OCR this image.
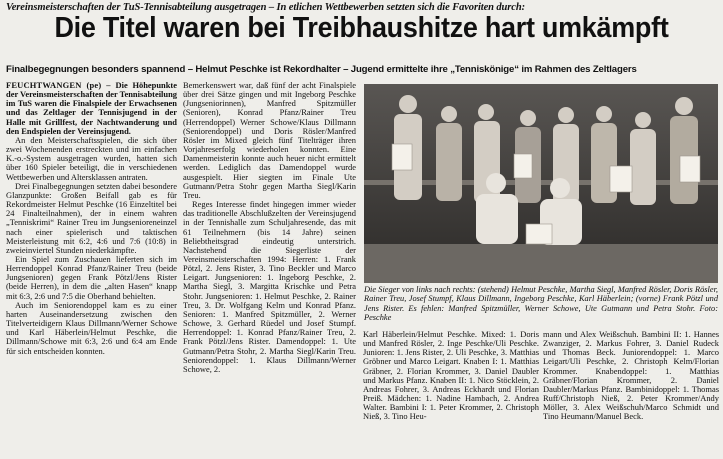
Vereinsmeisterschaften der TuS-Tennisabteilung ausgetragen – In etlichen Wettbewerben setzten sich die Favoriten durch:
Die Titel waren bei Treibhaushitze hart umkämpft
Finalbegegnungen besonders spannend – Helmut Peschke ist Rekordhalter – Jugend ermittelte ihre „Tenniskönige“ im Rahmen des Zeltlagers

FEUCHTWANGEN (pe) – Die Höhepunkte der Vereinsmeisterschaften der Tennisabteilung im TuS waren die Finalspiele der Erwachsenen und das Zeltlager der Tennisjugend in der Halle mit Grillfest, der Nachtwanderung und den Endspielen der Vereinsjugend.

An den Meisterschaftsspielen, die sich über zwei Wochenenden erstreckten und im einfachen K.-o.-System ausgetragen wurden, hatten sich über 160 Spieler beteiligt, die in verschiedenen Wettbewerben und Altersklassen antraten.

Drei Finalbegegnungen setzten dabei besondere Glanzpunkte: Großen Beifall gab es für Rekordmeister Helmut Peschke (16 Einzeltitel bei 24 Finalteilnahmen), der in einem wahren „Tenniskrimi“ Rainer Treu im Jungsenioreneinzel nach einer spielerisch und taktischen Meisterleistung mit 6:2, 4:6 und 7:6 (10:8) in zweieinviertel Stunden niederkämpfte.

Ein Spiel zum Zuschauen lieferten sich im Herrendoppel Konrad Pfanz/Rainer Treu (beide Jungsenioren) gegen Frank Pötzl/Jens Rister (beide Herren), in dem die „alten Hasen“ knapp mit 6:3, 2:6 und 7:5 die Oberhand behielten.

Auch im Seniorendoppel kam es zu einer harten Auseinandersetzung zwischen den Titelverteidigern Klaus Dillmann/Werner Schowe und Karl Häberlein/Helmut Peschke, die Dillmann/Schowe mit 6:3, 2:6 und 6:4 am Ende für sich entscheiden konnten.

Bemerkenswert war, daß fünf der acht Finalspiele über drei Sätze gingen und mit Ingeborg Peschke (Jungseniorinnen), Manfred Spitzmüller (Senioren), Konrad Pfanz/Rainer Treu (Herrendoppel) Werner Schowe/Klaus Dillmann (Seniorendoppel) und Doris Rösler/Manfred Rösler im Mixed gleich fünf Titelträger ihren Vorjahreserfolg wiederholen konnten. Eine Damenmeisterin konnte auch heuer nicht ermittelt werden. Lediglich das Damendoppel wurde ausgespielt. Hier siegten im Finale Ute Gutmann/Petra Stohr gegen Martha Siegl/Karin Treu.

Reges Interesse findet hingegen immer wieder das traditionelle Abschlußzelten der Vereinsjugend in der Tennishalle zum Schuljahresende, das mit 61 Teilnehmern (bis 14 Jahre) seinen Beliebtheitsgrad eindeutig unterstrich. Nachstehend die Siegerliste der Vereinsmeisterschaften 1994: Herren: 1. Frank Pötzl, 2. Jens Rister, 3. Tino Beckler und Marco Leigart. Jungsenioren: 1. Ingeborg Peschke, 2. Martha Siegl, 3. Margitta Krischke und Petra Stohr. Jungsenioren: 1. Helmut Peschke, 2. Rainer Treu, 3. Dr. Wolfgang Kelm und Konrad Pfanz. Senioren: 1. Manfred Spitzmüller, 2. Werner Schowe, 3. Gerhard Rüedel und Josef Stumpf. Herrendoppel: 1. Konrad Pfanz/Rainer Treu, 2. Frank Pötzl/Jens Rister. Damendoppel: 1. Ute Gutmann/Petra Stohr, 2. Martha Siegl/Karin Treu. Seniorendoppel: 1. Klaus Dillmann/Werner Schowe, 2.

Die Sieger von links nach rechts: (stehend) Helmut Peschke, Martha Siegl, Manfred Rösler, Doris Rösler, Rainer Treu, Josef Stumpf, Klaus Dillmann, Ingeborg Peschke, Karl Häberlein; (vorne) Frank Pötzl und Jens Rister. Es fehlen: Manfred Spitzmüller, Werner Schowe, Ute Gutmann und Petra Stohr. Foto: Peschke

Karl Häberlein/Helmut Peschke. Mixed: 1. Doris und Manfred Rösler, 2. Inge Peschke/Uli Peschke. Junioren: 1. Jens Rister, 2. Uli Peschke, 3. Matthias Gröbner und Marco Leigart. Knaben I: 1. Matthias Gräbner, 2. Florian Krommer, 3. Daniel Daubler und Markus Pfanz. Knaben II: 1. Nico Stöcklein, 2. Andreas Fohrer, 3. Andreas Eckhardt und Florian Preiß. Mädchen: 1. Nadine Hambach, 2. Andrea Walter. Bambini I: 1. Peter Krommer, 2. Christoph Nieß, 3. Tino Heu-

mann und Alex Weißschuh. Bambini II: 1. Hannes Zwanziger, 2. Markus Fohrer, 3. Daniel Rudeck und Thomas Beck. Juniorendoppel: 1. Marco Leigart/Uli Peschke, 2. Christoph Kelm/Florian Krommer. Knabendoppel: 1. Matthias Gräbner/Florian Krommer, 2. Daniel Daubler/Markus Pfanz. Bambinidoppel: 1. Thomas Ruff/Christoph Nieß, 2. Peter Krommer/Andy Möller, 3. Alex Weißschuh/Marco Schmidt und Tino Heumann/Manuel Beck.
